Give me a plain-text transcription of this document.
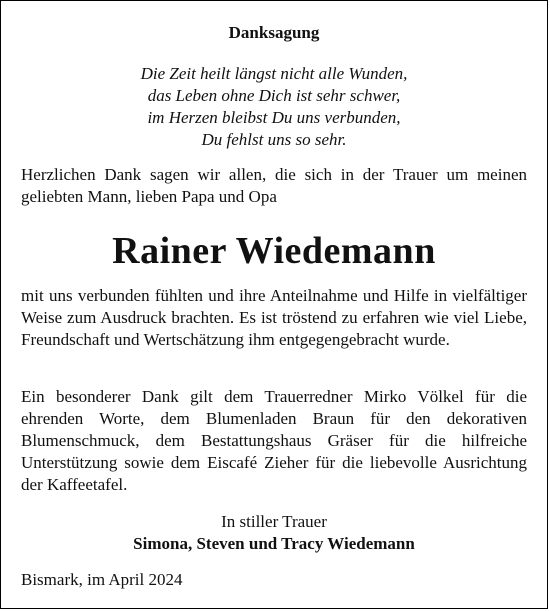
Danksagung
Die Zeit heilt längst nicht alle Wunden,
das Leben ohne Dich ist sehr schwer,
im Herzen bleibst Du uns verbunden,
Du fehlst uns so sehr.
Herzlichen Dank sagen wir allen, die sich in der Trauer um meinen geliebten Mann, lieben Papa und Opa
Rainer Wiedemann
mit uns verbunden fühlten und ihre Anteilnahme und Hilfe in vielfältiger Weise zum Ausdruck brachten. Es ist tröstend zu erfahren wie viel Liebe, Freundschaft und Wertschätzung ihm entgegengebracht wurde.
Ein besonderer Dank gilt dem Trauerredner Mirko Völkel für die ehrenden Worte, dem Blumenladen Braun für den dekorativen Blumenschmuck, dem Bestattungshaus Gräser für die hilfreiche Unterstützung sowie dem Eiscafé Zieher für die liebevolle Ausrichtung der Kaffeetafel.
In stiller Trauer
Simona, Steven und Tracy Wiedemann
Bismark, im April 2024
